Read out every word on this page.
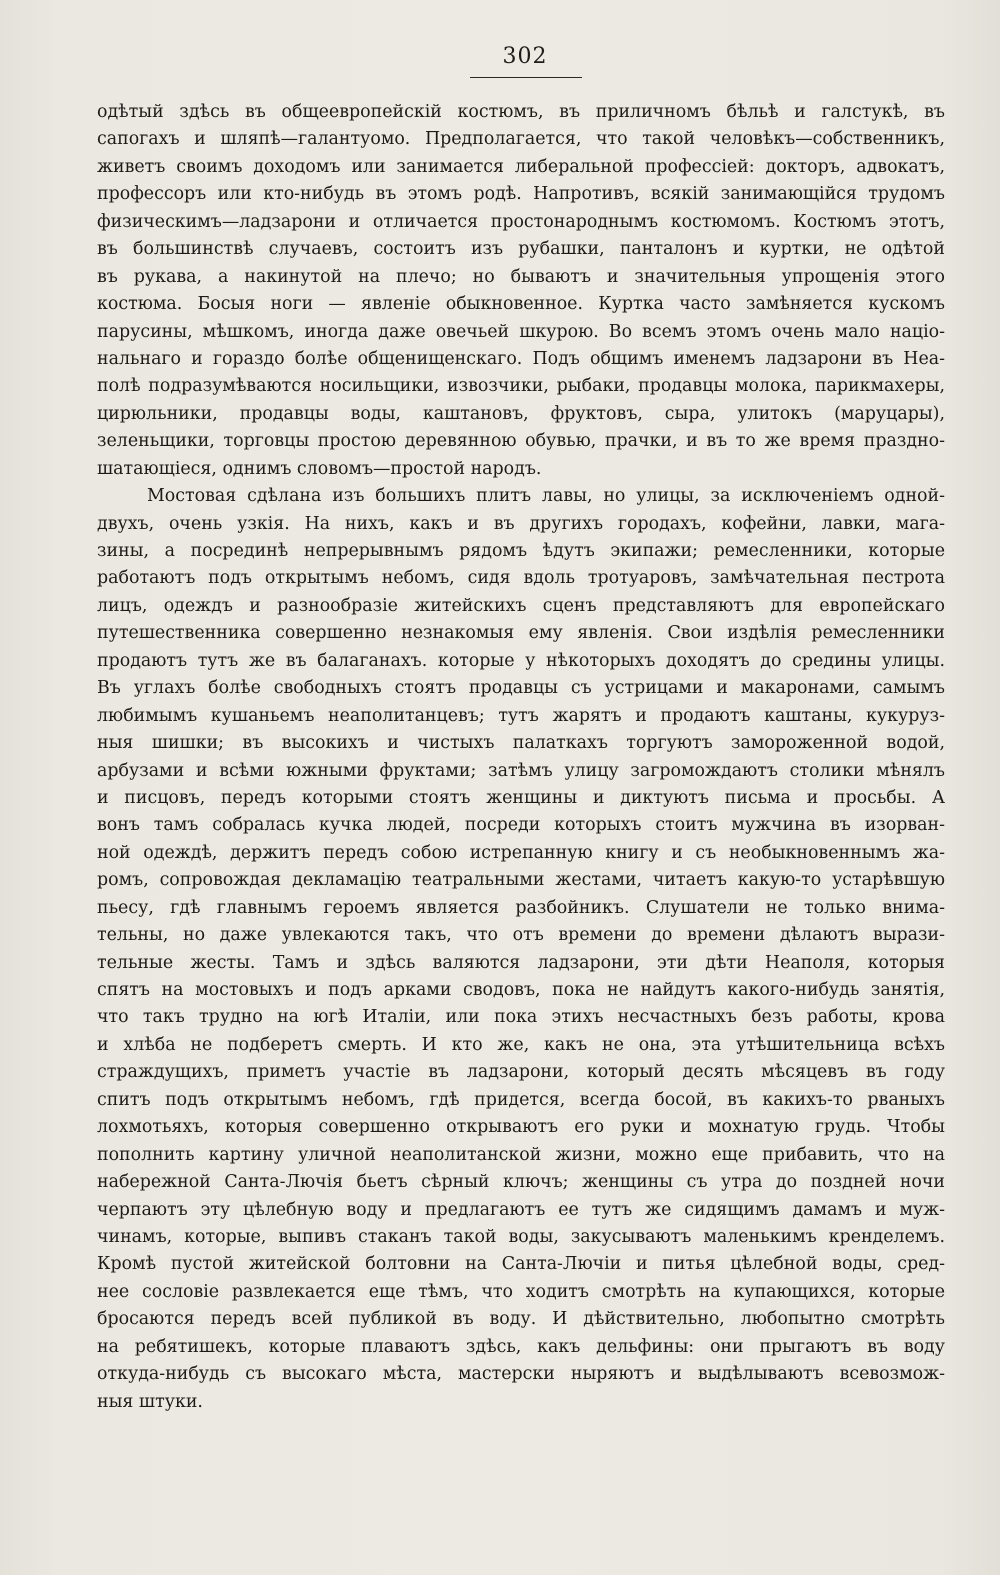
302
одѣтый здѣсь въ общеевропейскій костюмъ, въ приличномъ бѣльѣ и галстукѣ, въ
сапогахъ и шляпѣ—галантуомо. Предполагается, что такой человѣкъ—собственникъ,
живетъ своимъ доходомъ или занимается либеральной профессіей: докторъ, адвокатъ,
профессоръ или кто-нибудь въ этомъ родѣ. Напротивъ, всякій занимающійся трудомъ
физическимъ—ладзарони и отличается простонароднымъ костюмомъ. Костюмъ этотъ,
въ большинствѣ случаевъ, состоитъ изъ рубашки, панталонъ и куртки, не одѣтой
въ рукава, а накинутой на плечо; но бываютъ и значительныя упрощенія этого
костюма. Босыя ноги — явленіе обыкновенное. Куртка часто замѣняется кускомъ
парусины, мѣшкомъ, иногда даже овечьей шкурою. Во всемъ этомъ очень мало націо-
нальнаго и гораздо болѣе общенищенскаго. Подъ общимъ именемъ ладзарони въ Неа-
полѣ подразумѣваются носильщики, извозчики, рыбаки, продавцы молока, парикмахеры,
цирюльники, продавцы воды, каштановъ, фруктовъ, сыра, улитокъ (маруцары),
зеленьщики, торговцы простою деревянною обувью, прачки, и въ то же время праздно-
шатающіеся, однимъ словомъ—простой народъ.
Мостовая сдѣлана изъ большихъ плитъ лавы, но улицы, за исключеніемъ одной-
двухъ, очень узкія. На нихъ, какъ и въ другихъ городахъ, кофейни, лавки, мага-
зины, а посрединѣ непрерывнымъ рядомъ ѣдутъ экипажи; ремесленники, которые
работаютъ подъ открытымъ небомъ, сидя вдоль тротуаровъ, замѣчательная пестрота
лицъ, одеждъ и разнообразіе житейскихъ сценъ представляютъ для европейскаго
путешественника совершенно незнакомыя ему явленія. Свои издѣлія ремесленники
продаютъ тутъ же въ балаганахъ. которые у нѣкоторыхъ доходятъ до средины улицы.
Въ углахъ болѣе свободныхъ стоятъ продавцы съ устрицами и макаронами, самымъ
любимымъ кушаньемъ неаполитанцевъ; тутъ жарятъ и продаютъ каштаны, кукуруз-
ныя шишки; въ высокихъ и чистыхъ палаткахъ торгуютъ замороженной водой,
арбузами и всѣми южными фруктами; затѣмъ улицу загромождаютъ столики мѣнялъ
и писцовъ, передъ которыми стоятъ женщины и диктуютъ письма и просьбы. А
вонъ тамъ собралась кучка людей, посреди которыхъ стоитъ мужчина въ изорван-
ной одеждѣ, держитъ передъ собою истрепанную книгу и съ необыкновеннымъ жа-
ромъ, сопровождая декламацію театральными жестами, читаетъ какую-то устарѣвшую
пьесу, гдѣ главнымъ героемъ является разбойникъ. Слушатели не только внима-
тельны, но даже увлекаются такъ, что отъ времени до времени дѣлаютъ вырази-
тельные жесты. Тамъ и здѣсь валяются ладзарони, эти дѣти Неаполя, которыя
спятъ на мостовыхъ и подъ арками сводовъ, пока не найдутъ какого-нибудь занятія,
что такъ трудно на югѣ Италіи, или пока этихъ несчастныхъ безъ работы, крова
и хлѣба не подберетъ смерть. И кто же, какъ не она, эта утѣшительница всѣхъ
страждущихъ, приметъ участіе въ ладзарони, который десять мѣсяцевъ въ году
спитъ подъ открытымъ небомъ, гдѣ придется, всегда босой, въ какихъ-то рваныхъ
лохмотьяхъ, которыя совершенно открываютъ его руки и мохнатую грудь. Чтобы
пополнить картину уличной неаполитанской жизни, можно еще прибавить, что на
набережной Санта-Лючія бьетъ сѣрный ключъ; женщины съ утра до поздней ночи
черпаютъ эту цѣлебную воду и предлагаютъ ее тутъ же сидящимъ дамамъ и муж-
чинамъ, которые, выпивъ стаканъ такой воды, закусываютъ маленькимъ кренделемъ.
Кромѣ пустой житейской болтовни на Санта-Лючіи и питья цѣлебной воды, сред-
нее сословіе развлекается еще тѣмъ, что ходитъ смотрѣть на купающихся, которые
бросаются передъ всей публикой въ воду. И дѣйствительно, любопытно смотрѣть
на ребятишекъ, которые плаваютъ здѣсь, какъ дельфины: они прыгаютъ въ воду
откуда-нибудь съ высокаго мѣста, мастерски ныряютъ и выдѣлываютъ всевозмож-
ныя штуки.
